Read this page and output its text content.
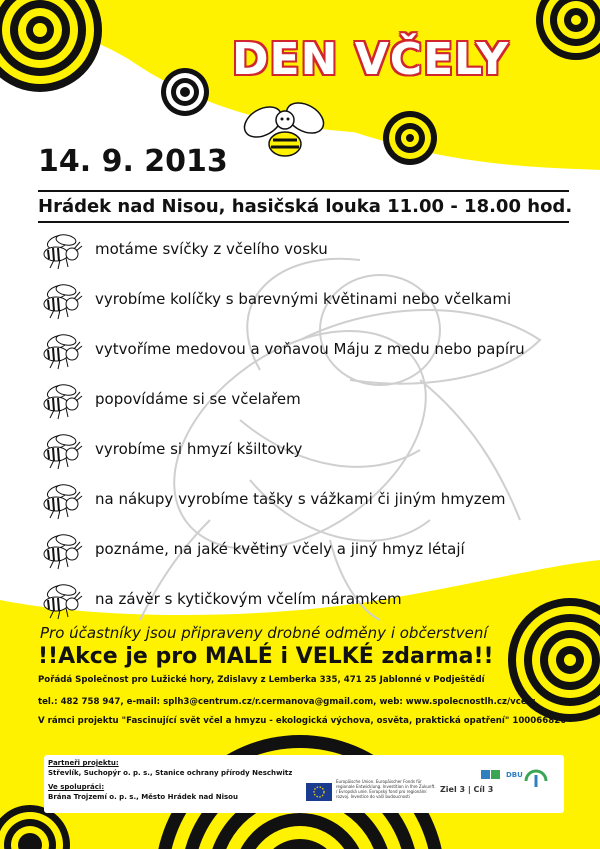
DEN VČELY
14. 9. 2013
Hrádek nad Nisou, hasičská louka 11.00 - 18.00 hod.
motáme svíčky z včelího vosku
vyrobíme kolíčky s barevnými květinami nebo včelkami
vytvoříme medovou a voňavou Máju z medu nebo papíru
popovídáme si se včelařem
vyrobíme si hmyzí kšiltovky
na nákupy vyrobíme tašky s vážkami či jiným hmyzem
poznáme, na jaké květiny včely a jiný hmyz létají
na závěr s kytičkovým včelím náramkem
Pro účastníky jsou připraveny drobné odměny i občerstvení
!!Akce je pro MALÉ i VELKÉ zdarma!!
Pořádá Společnost pro Lužické hory, Zdislavy z Lemberka 335, 471 25 Jablonné v Podještědí
tel.: 482 758 947, e-mail: splh3@centrum.cz/r.cermanova@gmail.com, web: www.spolecnostlh.cz/vcely
V rámci projektu "Fascinující svět včel a hmyzu - ekologická výchova, osvěta, praktická opatření" 100066826
Partneři projektu:
Střevlík, Suchopýr o. p. s., Stanice ochrany přírody Neschwitz
Ve spolupráci:
Brána Trojzemí o. p. s., Město Hrádek nad Nisou
Europäische Union. Europäischer Fonds für regionale Entwicklung. Investition in Ihre Zukunft. / Evropská unie. Evropský fond pro regionální rozvoj. Investice do vaší budoucnosti
Ziel 3 | Cíl 3
DBU
